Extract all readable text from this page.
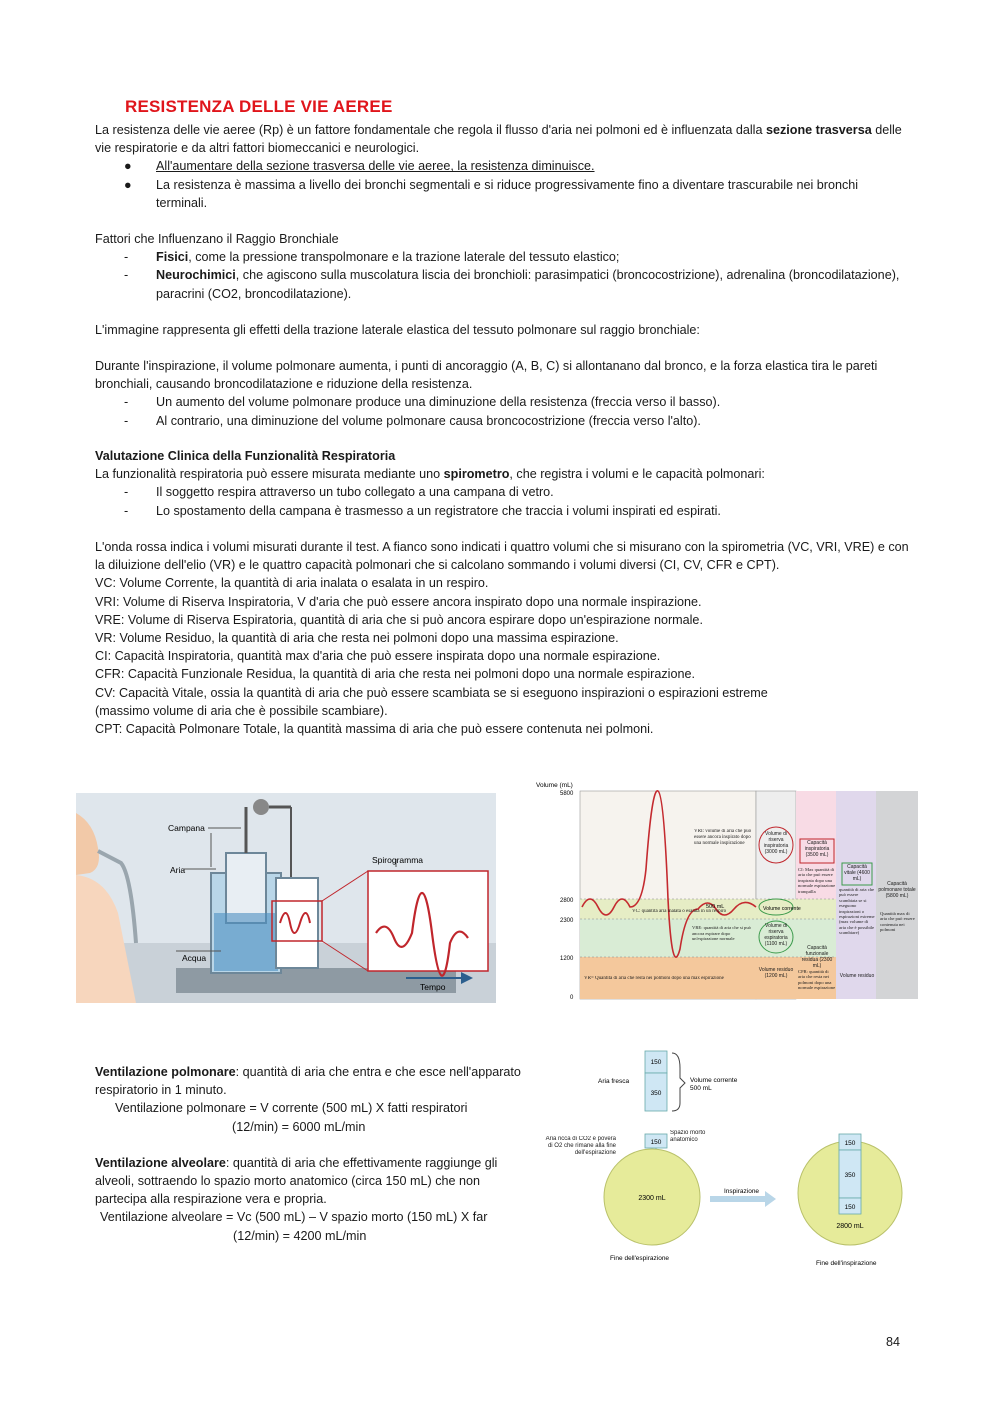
RESISTENZA DELLE VIE AEREE

La resistenza delle vie aeree (Rp) è un fattore fondamentale che regola il flusso d'aria nei polmoni ed è influenzata dalla sezione trasversa delle vie respiratorie e da altri fattori biomeccanici e neurologici.

● All'aumentare della sezione trasversa delle vie aeree, la resistenza diminuisce.

● La resistenza è massima a livello dei bronchi segmentali e si riduce progressivamente fino a diventare trascurabile nei bronchi terminali.

Fattori che Influenzano il Raggio Bronchiale

- Fisici, come la pressione transpolmonare e la trazione laterale del tessuto elastico;

- Neurochimici, che agiscono sulla muscolatura liscia dei bronchioli: parasimpatici (broncocostrizione), adrenalina (broncodilatazione), paracrini (CO2, broncodilatazione).

L'immagine rappresenta gli effetti della trazione laterale elastica del tessuto polmonare sul raggio bronchiale:

Durante l'inspirazione, il volume polmonare aumenta, i punti di ancoraggio (A, B, C) si allontanano dal bronco, e la forza elastica tira le pareti bronchiali, causando broncodilatazione e riduzione della resistenza.

- Un aumento del volume polmonare produce una diminuzione della resistenza (freccia verso il basso).

- Al contrario, una diminuzione del volume polmonare causa broncocostrizione (freccia verso l'alto).

Valutazione Clinica della Funzionalità Respiratoria

La funzionalità respiratoria può essere misurata mediante uno spirometro, che registra i volumi e le capacità polmonari:

- Il soggetto respira attraverso un tubo collegato a una campana di vetro.

- Lo spostamento della campana è trasmesso a un registratore che traccia i volumi inspirati ed espirati.

L'onda rossa indica i volumi misurati durante il test. A fianco sono indicati i quattro volumi che si misurano con la spirometria (VC, VRI, VRE) e con la diluizione dell'elio (VR) e le quattro capacità polmonari che si calcolano sommando i volumi diversi (CI, CV, CFR e CPT).

VC: Volume Corrente, la quantità di aria inalata o esalata in un respiro.

VRI: Volume di Riserva Inspiratoria, V d'aria che può essere ancora inspirato dopo una normale inspirazione.

VRE: Volume di Riserva Espiratoria, quantità di aria che si può ancora espirare dopo un'espirazione normale.

VR: Volume Residuo, la quantità di aria che resta nei polmoni dopo una massima espirazione.

CI: Capacità Inspiratoria, quantità max d'aria che può essere inspirata dopo una normale espirazione.

CFR: Capacità Funzionale Residua, la quantità di aria che resta nei polmoni dopo una normale espirazione.

CV: Capacità Vitale, ossia la quantità di aria che può essere scambiata se si eseguono inspirazioni o espirazioni estreme (massimo volume di aria che è possibile scambiare).

CPT: Capacità Polmonare Totale, la quantità massima di aria che può essere contenuta nei polmoni.

Campana
Aria
Acqua
Spirogramma
Tempo
Volume (mL)
5800
2800
2300
1200
0
VRI: volume di aria che può essere ancora inspirato dopo una normale inspirazione
VC: quantità aria inalata o esalata in un respiro
VRE: quantità di aria che si può ancora espirare dopo un'espirazione normale
VR= Quantità di aria che resta nei polmoni dopo una max espirazione
500 mL
Volume di riserva inspiratoria (3000 mL)
Volume corrente
Volume di riserva espiratoria (1100 mL)
Volume residuo (1200 mL)
Capacità inspiratoria (3500 mL)
CI: Max quantità di aria che può essere inspirata dopo una normale espirazione tranquilla
Capacità funzionale residua (2300 mL)
CFR: quantità di aria che resta nei polmoni dopo una normale espirazione
Capacità vitale (4600 mL)
quantità di aria che può essere scambiata se si eseguono inspirazioni o espirazioni estreme (max volume di aria che è possibile scambiare)
Volume residuo
Capacità polmonare totale (5800 mL)
Quantità max di aria che può essere contenuta nei polmoni

Ventilazione polmonare: quantità di aria che entra e che esce nell'apparato respiratorio in 1 minuto.

Ventilazione polmonare = V corrente (500 mL) X fatti respiratori

(12/min) = 6000 mL/min

Ventilazione alveolare: quantità di aria che effettivamente raggiunge gli alveoli, sottraendo lo spazio morto anatomico (circa 150 mL) che non partecipa alla respirazione vera e propria.

Ventilazione alveolare = Vc (500 mL) – V spazio morto (150 mL) X far

(12/min) = 4200 mL/min

150
350
Aria fresca	Volume corrente
500 mL
150
2300 mL
Aria ricca di CO2 e povera di O2 che rimane alla fine dell'espirazione
Spazio morto anatomico
Fine dell'espirazione
Inspirazione
150
350
150
2800 mL
Fine dell'inspirazione
84
